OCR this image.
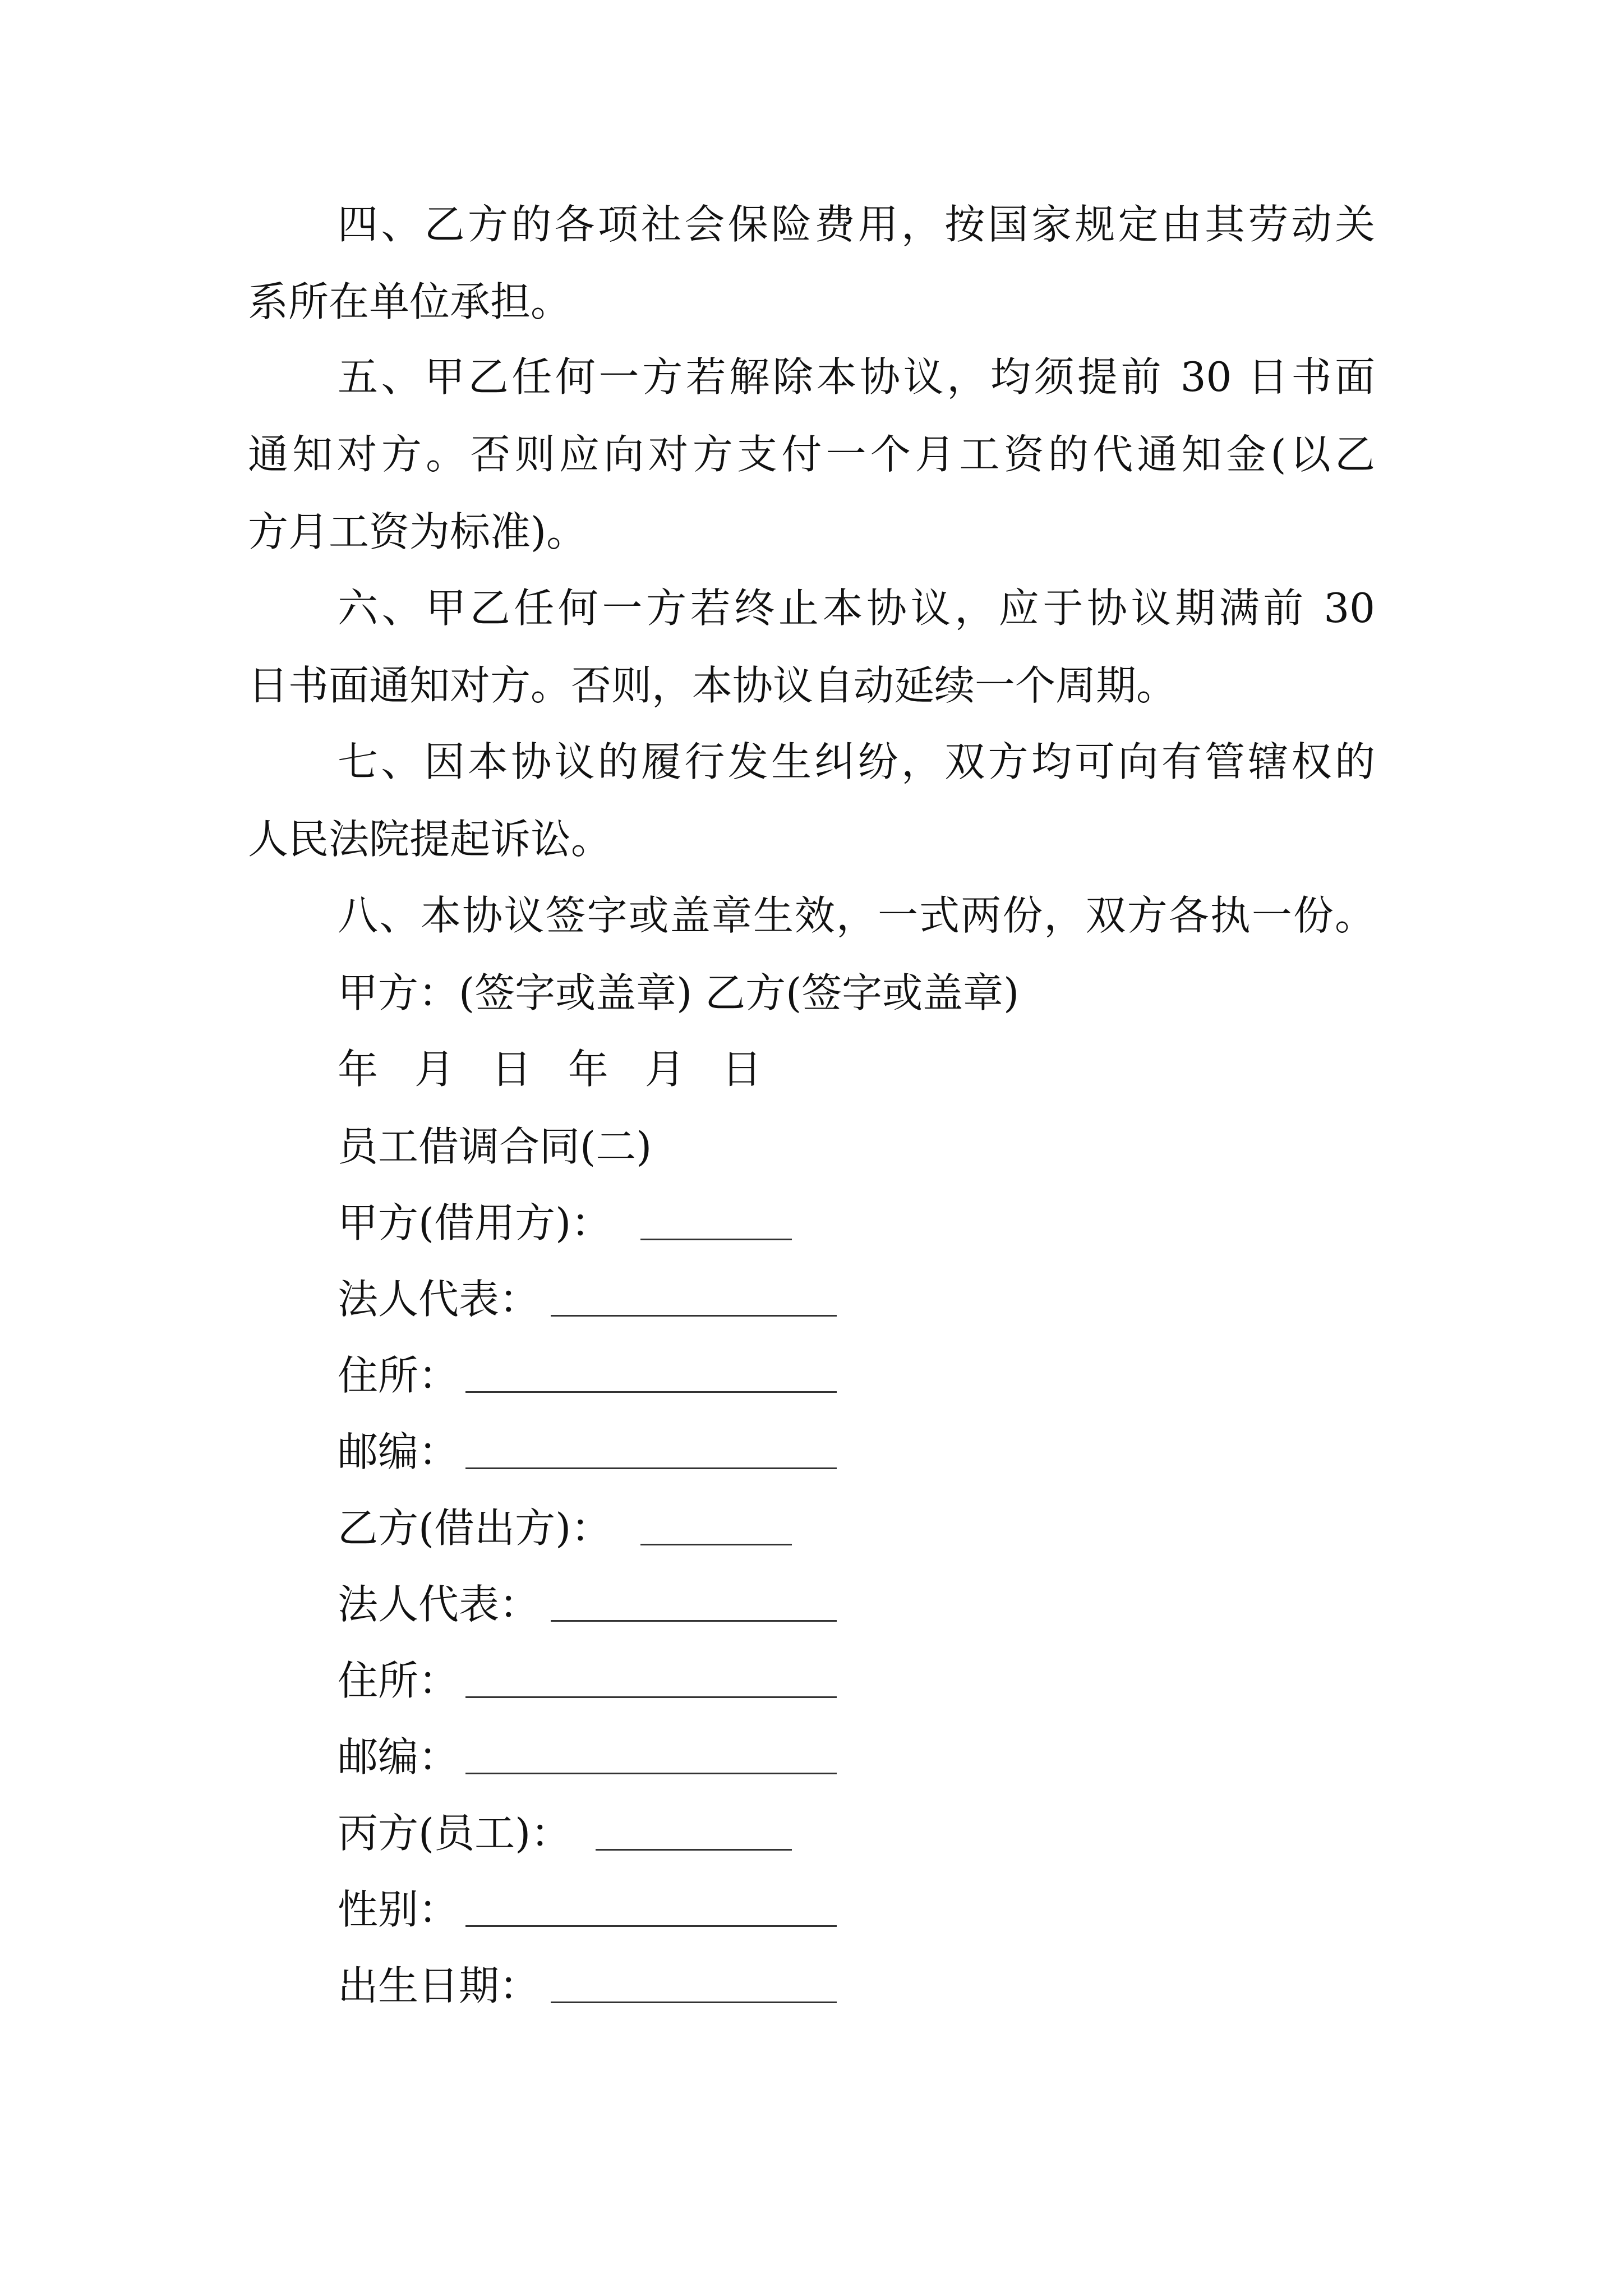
四、乙方的各项社会保险费用，按国家规定由其劳动关
系所在单位承担。
五、甲乙任何一方若解除本协议，均须提前 30 日书面
通知对方。否则应向对方支付一个月工资的代通知金(以乙
方月工资为标准)。
六、甲乙任何一方若终止本协议，应于协议期满前 30
日书面通知对方。否则，本协议自动延续一个周期。
七、因本协议的履行发生纠纷，双方均可向有管辖权的
人民法院提起诉讼。
八、本协议签字或盖章生效，一式两份，双方各执一份。
甲方：(签字或盖章) 乙方(签字或盖章)
年 月 日 年 月 日
员工借调合同(二)
甲方(借用方)：
法人代表：
住所：
邮编：
乙方(借出方)：
法人代表：
住所：
邮编：
丙方(员工)：
性别：
出生日期：
